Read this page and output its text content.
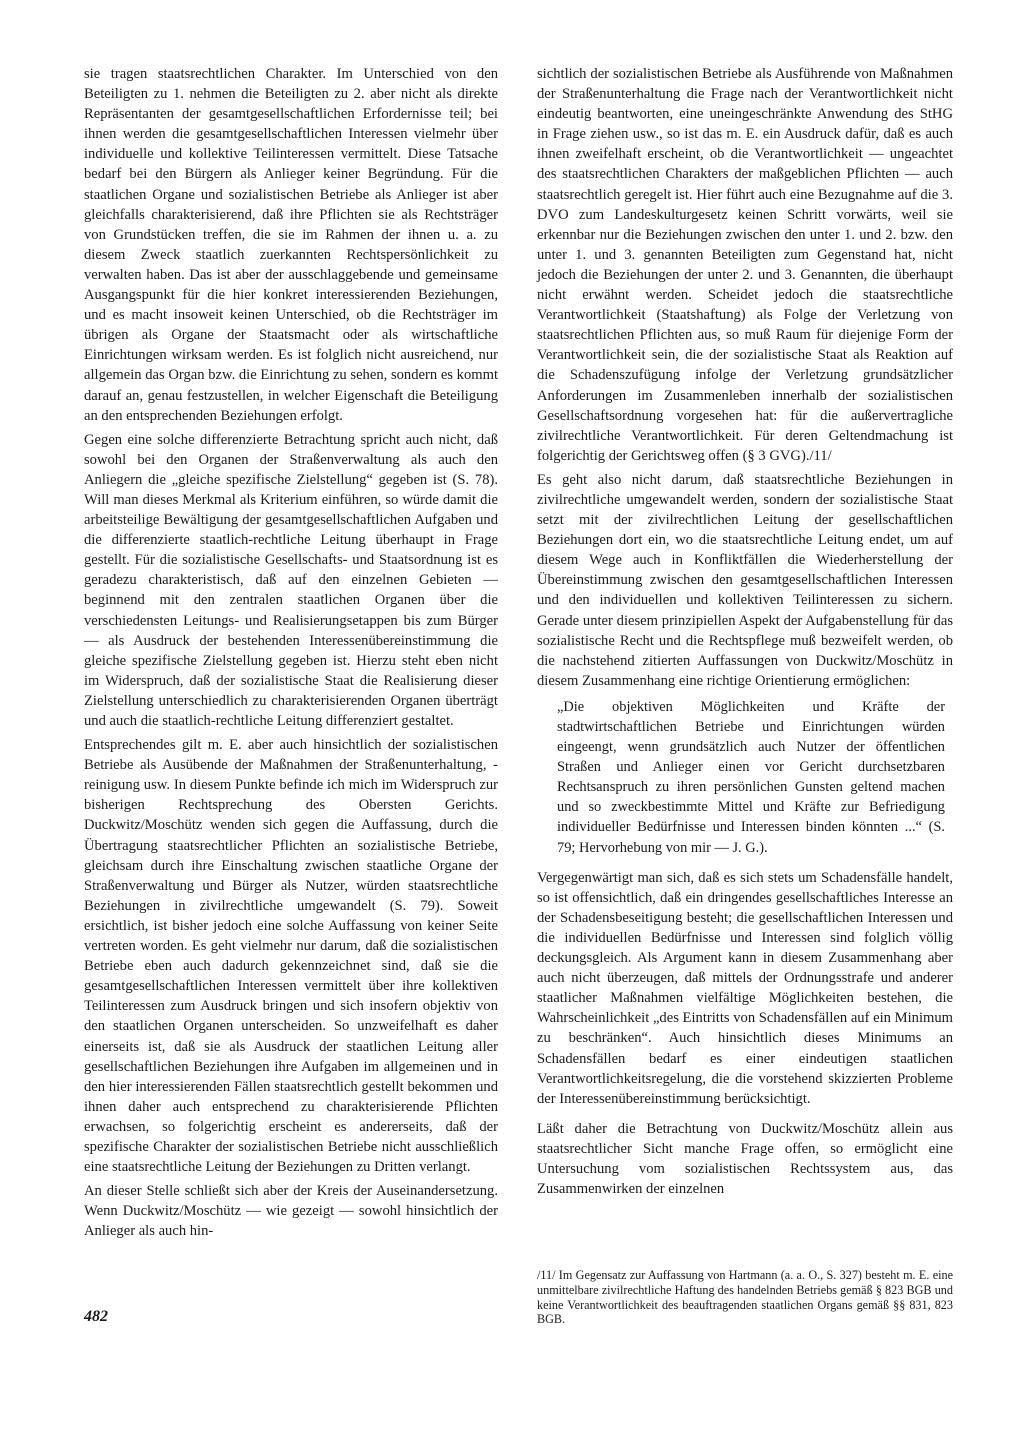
sie tragen staatsrechtlichen Charakter. Im Unterschied von den Beteiligten zu 1. nehmen die Beteiligten zu 2. aber nicht als direkte Repräsentanten der gesamtgesellschaftlichen Erfordernisse teil; bei ihnen werden die gesamtgesellschaftlichen Interessen vielmehr über individuelle und kollektive Teilinteressen vermittelt. Diese Tatsache bedarf bei den Bürgern als Anlieger keiner Begründung. Für die staatlichen Organe und sozialistischen Betriebe als Anlieger ist aber gleichfalls charakterisierend, daß ihre Pflichten sie als Rechtsträger von Grundstücken treffen, die sie im Rahmen der ihnen u. a. zu diesem Zweck staatlich zuerkannten Rechtspersönlichkeit zu verwalten haben. Das ist aber der ausschlaggebende und gemeinsame Ausgangspunkt für die hier konkret interessierenden Beziehungen, und es macht insoweit keinen Unterschied, ob die Rechtsträger im übrigen als Organe der Staatsmacht oder als wirtschaftliche Einrichtungen wirksam werden. Es ist folglich nicht ausreichend, nur allgemein das Organ bzw. die Einrichtung zu sehen, sondern es kommt darauf an, genau festzustellen, in welcher Eigenschaft die Beteiligung an den entsprechenden Beziehungen erfolgt.

Gegen eine solche differenzierte Betrachtung spricht auch nicht, daß sowohl bei den Organen der Straßenverwaltung als auch den Anliegern die „gleiche spezifische Zielstellung“ gegeben ist (S. 78). Will man dieses Merkmal als Kriterium einführen, so würde damit die arbeitsteilige Bewältigung der gesamtgesellschaftlichen Aufgaben und die differenzierte staatlich-rechtliche Leitung überhaupt in Frage gestellt. Für die sozialistische Gesellschafts- und Staatsordnung ist es geradezu charakteristisch, daß auf den einzelnen Gebieten — beginnend mit den zentralen staatlichen Organen über die verschiedensten Leitungs- und Realisierungsetappen bis zum Bürger — als Ausdruck der bestehenden Interessenübereinstimmung die gleiche spezifische Zielstellung gegeben ist. Hierzu steht eben nicht im Widerspruch, daß der sozialistische Staat die Realisierung dieser Zielstellung unterschiedlich zu charakterisierenden Organen überträgt und auch die staatlich-rechtliche Leitung differenziert gestaltet.

Entsprechendes gilt m. E. aber auch hinsichtlich der sozialistischen Betriebe als Ausübende der Maßnahmen der Straßenunterhaltung, -reinigung usw. In diesem Punkte befinde ich mich im Widerspruch zur bisherigen Rechtsprechung des Obersten Gerichts. Duckwitz/Moschütz wenden sich gegen die Auffassung, durch die Übertragung staatsrechtlicher Pflichten an sozialistische Betriebe, gleichsam durch ihre Einschaltung zwischen staatliche Organe der Straßenverwaltung und Bürger als Nutzer, würden staatsrechtliche Beziehungen in zivilrechtliche umgewandelt (S. 79). Soweit ersichtlich, ist bisher jedoch eine solche Auffassung von keiner Seite vertreten worden. Es geht vielmehr nur darum, daß die sozialistischen Betriebe eben auch dadurch gekennzeichnet sind, daß sie die gesamtgesellschaftlichen Interessen vermittelt über ihre kollektiven Teilinteressen zum Ausdruck bringen und sich insofern objektiv von den staatlichen Organen unterscheiden. So unzweifelhaft es daher einerseits ist, daß sie als Ausdruck der staatlichen Leitung aller gesellschaftlichen Beziehungen ihre Aufgaben im allgemeinen und in den hier interessierenden Fällen staatsrechtlich gestellt bekommen und ihnen daher auch entsprechend zu charakterisierende Pflichten erwachsen, so folgerichtig erscheint es andererseits, daß der spezifische Charakter der sozialistischen Betriebe nicht ausschließlich eine staatsrechtliche Leitung der Beziehungen zu Dritten verlangt.

An dieser Stelle schließt sich aber der Kreis der Auseinandersetzung. Wenn Duckwitz/Moschütz — wie gezeigt — sowohl hinsichtlich der Anlieger als auch hin-

sichtlich der sozialistischen Betriebe als Ausführende von Maßnahmen der Straßenunterhaltung die Frage nach der Verantwortlichkeit nicht eindeutig beantworten, eine uneingeschränkte Anwendung des StHG in Frage ziehen usw., so ist das m. E. ein Ausdruck dafür, daß es auch ihnen zweifelhaft erscheint, ob die Verantwortlichkeit — ungeachtet des staatsrechtlichen Charakters der maßgeblichen Pflichten — auch staatsrechtlich geregelt ist. Hier führt auch eine Bezugnahme auf die 3. DVO zum Landeskulturgesetz keinen Schritt vorwärts, weil sie erkennbar nur die Beziehungen zwischen den unter 1. und 2. bzw. den unter 1. und 3. genannten Beteiligten zum Gegenstand hat, nicht jedoch die Beziehungen der unter 2. und 3. Genannten, die überhaupt nicht erwähnt werden. Scheidet jedoch die staatsrechtliche Verantwortlichkeit (Staatshaftung) als Folge der Verletzung von staatsrechtlichen Pflichten aus, so muß Raum für diejenige Form der Verantwortlichkeit sein, die der sozialistische Staat als Reaktion auf die Schadenszufügung infolge der Verletzung grundsätzlicher Anforderungen im Zusammenleben innerhalb der sozialistischen Gesellschaftsordnung vorgesehen hat: für die außervertragliche zivilrechtliche Verantwortlichkeit. Für deren Geltendmachung ist folgerichtig der Gerichtsweg offen (§ 3 GVG)./11/

Es geht also nicht darum, daß staatsrechtliche Beziehungen in zivilrechtliche umgewandelt werden, sondern der sozialistische Staat setzt mit der zivilrechtlichen Leitung der gesellschaftlichen Beziehungen dort ein, wo die staatsrechtliche Leitung endet, um auf diesem Wege auch in Konfliktfällen die Wiederherstellung der Übereinstimmung zwischen den gesamtgesellschaftlichen Interessen und den individuellen und kollektiven Teilinteressen zu sichern. Gerade unter diesem prinzipiellen Aspekt der Aufgabenstellung für das sozialistische Recht und die Rechtspflege muß bezweifelt werden, ob die nachstehend zitierten Auffassungen von Duckwitz/Moschütz in diesem Zusammenhang eine richtige Orientierung ermöglichen:

„Die objektiven Möglichkeiten und Kräfte der stadtwirtschaftlichen Betriebe und Einrichtungen würden eingeengt, wenn grundsätzlich auch Nutzer der öffentlichen Straßen und Anlieger einen vor Gericht durchsetzbaren Rechtsanspruch zu ihren persönlichen Gunsten geltend machen und so zweckbestimmte Mittel und Kräfte zur Befriedigung individueller Bedürfnisse und Interessen binden könnten ...“ (S. 79; Hervorhebung von mir — J. G.).

Vergegenwärtigt man sich, daß es sich stets um Schadensfälle handelt, so ist offensichtlich, daß ein dringendes gesellschaftliches Interesse an der Schadensbeseitigung besteht; die gesellschaftlichen Interessen und die individuellen Bedürfnisse und Interessen sind folglich völlig deckungsgleich. Als Argument kann in diesem Zusammenhang aber auch nicht überzeugen, daß mittels der Ordnungsstrafe und anderer staatlicher Maßnahmen vielfältige Möglichkeiten bestehen, die Wahrscheinlichkeit „des Eintritts von Schadensfällen auf ein Minimum zu beschränken“. Auch hinsichtlich dieses Minimums an Schadensfällen bedarf es einer eindeutigen staatlichen Verantwortlichkeitsregelung, die die vorstehend skizzierten Probleme der Interessenübereinstimmung berücksichtigt.

Läßt daher die Betrachtung von Duckwitz/Moschütz allein aus staatsrechtlicher Sicht manche Frage offen, so ermöglicht eine Untersuchung vom sozialistischen Rechtssystem aus, das Zusammenwirken der einzelnen

/11/ Im Gegensatz zur Auffassung von Hartmann (a. a. O., S. 327) besteht m. E. eine unmittelbare zivilrechtliche Haftung des handelnden Betriebs gemäß § 823 BGB und keine Verantwortlichkeit des beauftragenden staatlichen Organs gemäß §§ 831, 823 BGB.

482
